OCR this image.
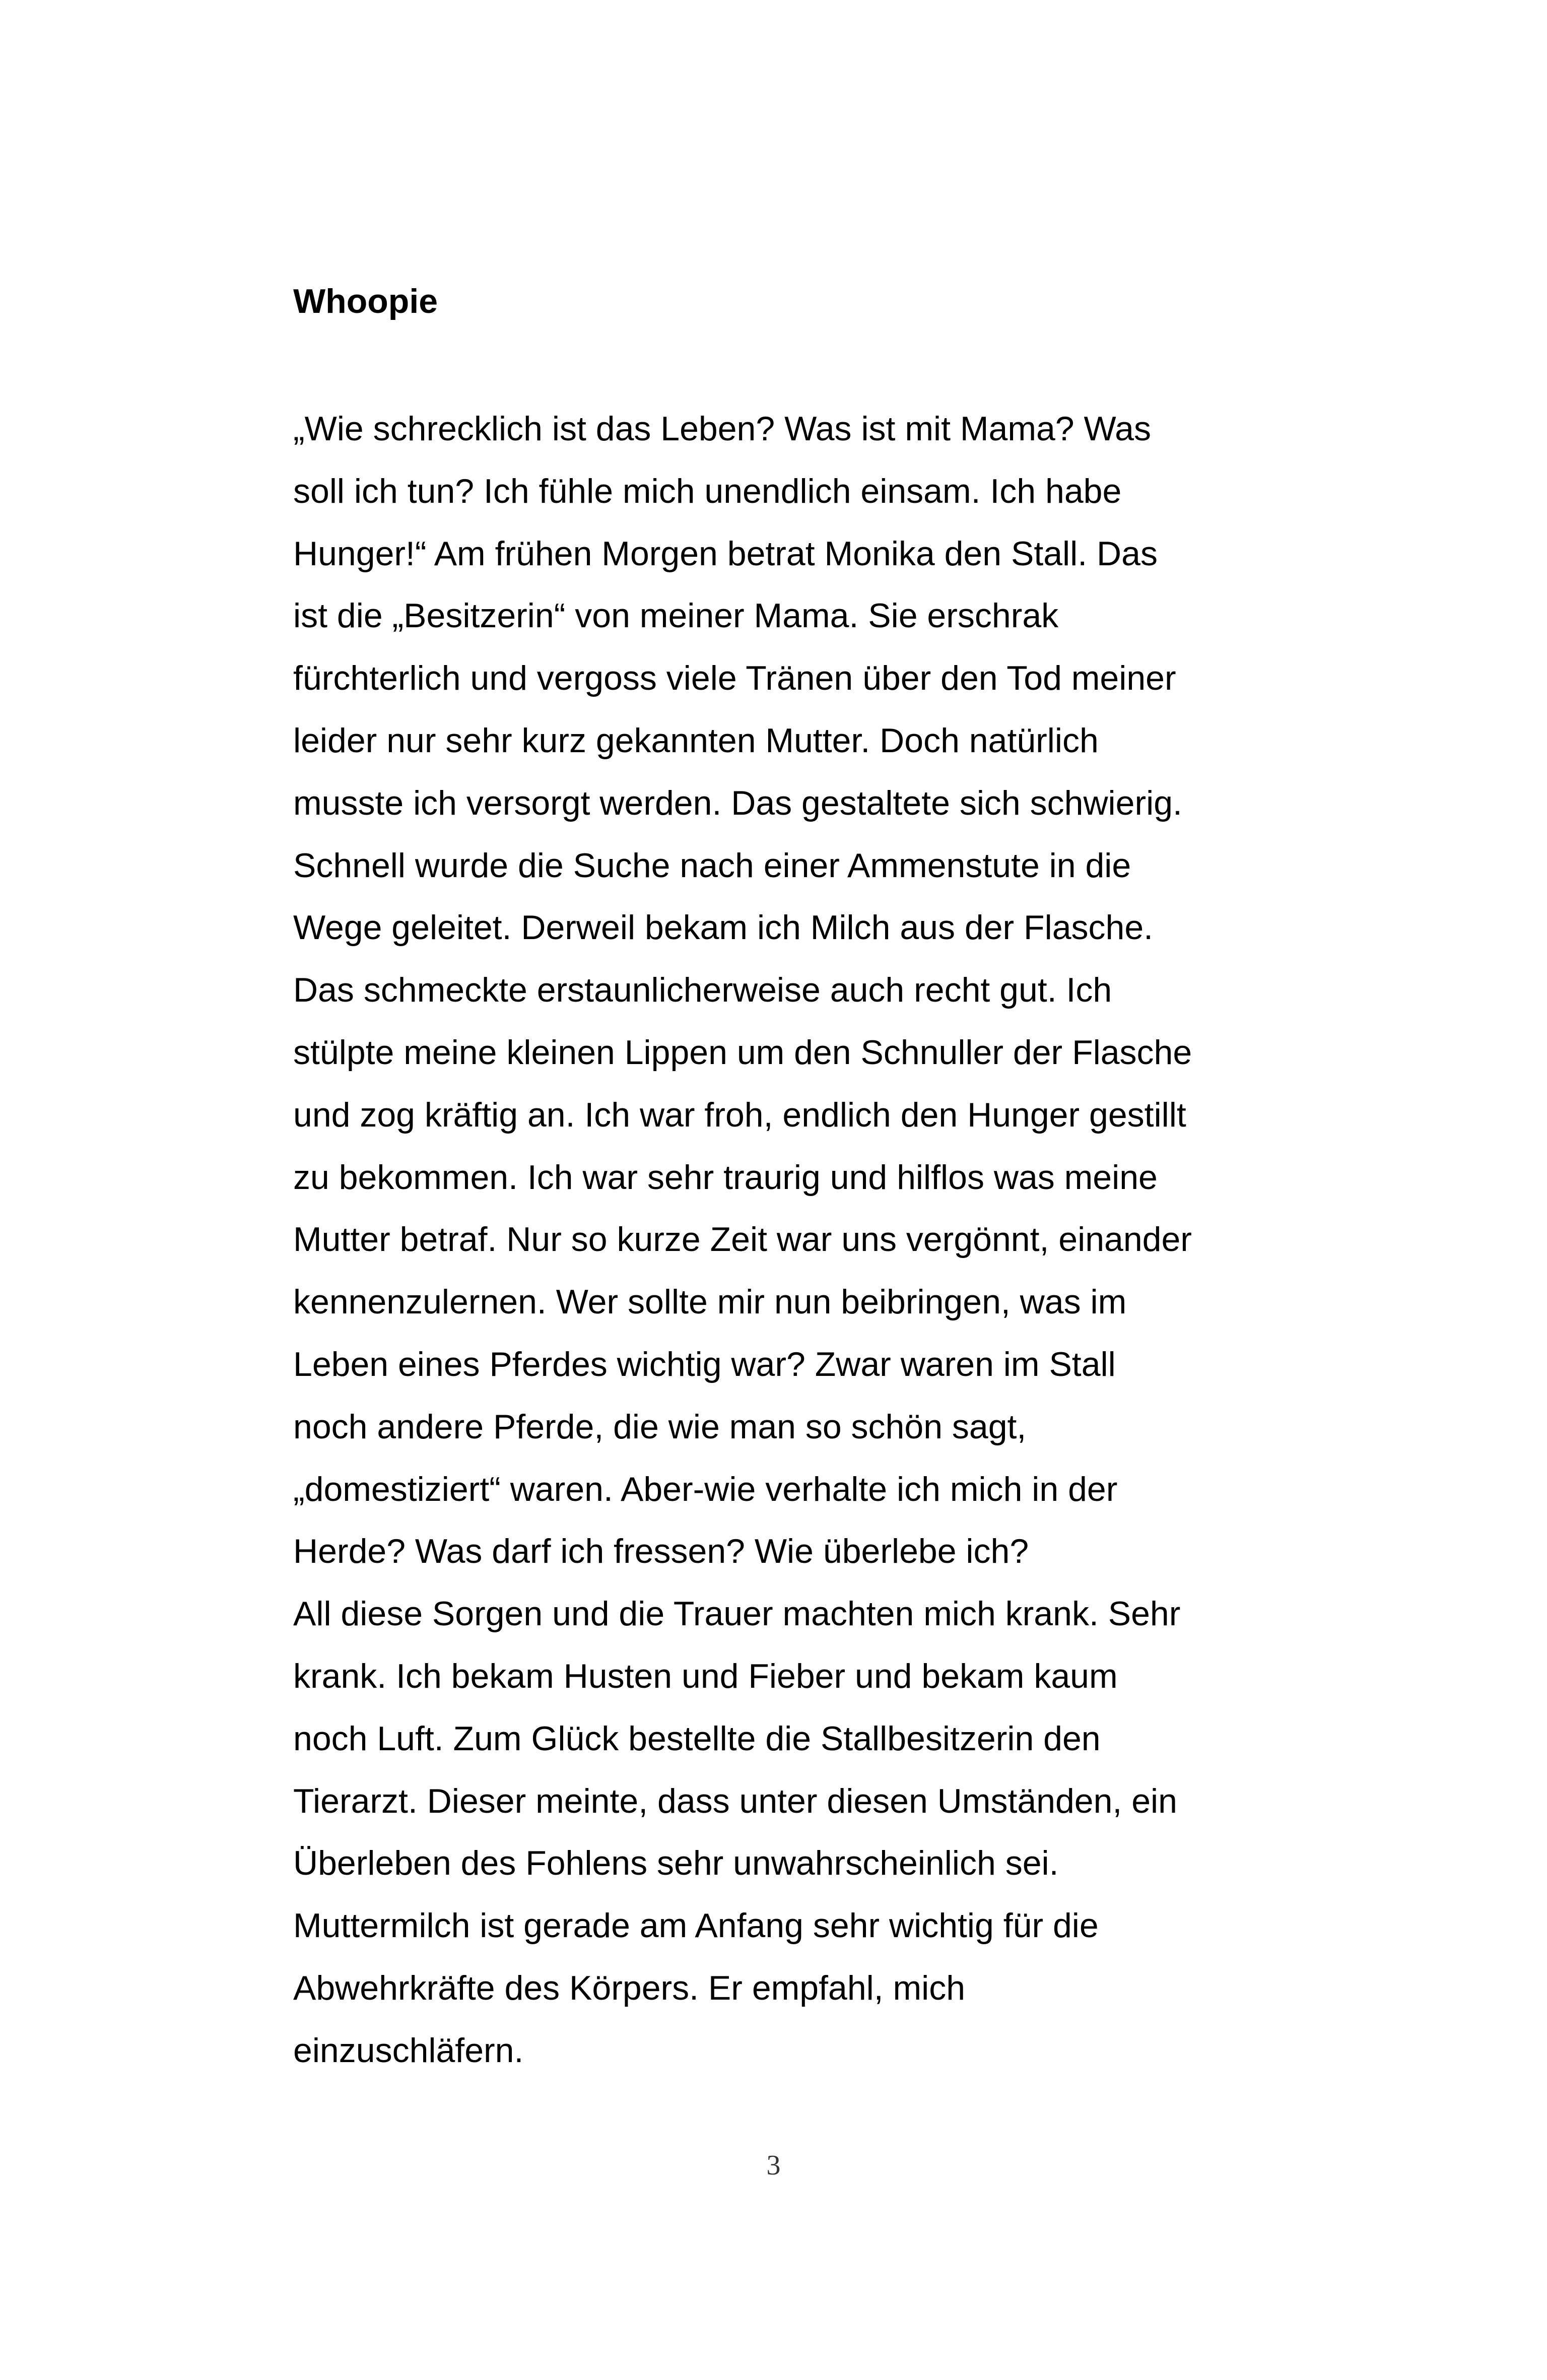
Whoopie
„Wie schrecklich ist das Leben? Was ist mit Mama? Was
soll ich tun? Ich fühle mich unendlich einsam. Ich habe
Hunger!“ Am frühen Morgen betrat Monika den Stall. Das
ist die „Besitzerin“ von meiner Mama. Sie erschrak
fürchterlich und vergoss viele Tränen über den Tod meiner
leider nur sehr kurz gekannten Mutter. Doch natürlich
musste ich versorgt werden. Das gestaltete sich schwierig.
Schnell wurde die Suche nach einer Ammenstute in die
Wege geleitet. Derweil bekam ich Milch aus der Flasche.
Das schmeckte erstaunlicherweise auch recht gut. Ich
stülpte meine kleinen Lippen um den Schnuller der Flasche
und zog kräftig an. Ich war froh, endlich den Hunger gestillt
zu bekommen. Ich war sehr traurig und hilflos was meine
Mutter betraf. Nur so kurze Zeit war uns vergönnt, einander
kennenzulernen. Wer sollte mir nun beibringen, was im
Leben eines Pferdes wichtig war? Zwar waren im Stall
noch andere Pferde, die wie man so schön sagt,
„domestiziert“ waren. Aber-wie verhalte ich mich in der
Herde? Was darf ich fressen? Wie überlebe ich?
All diese Sorgen und die Trauer machten mich krank. Sehr
krank. Ich bekam Husten und Fieber und bekam kaum
noch Luft. Zum Glück bestellte die Stallbesitzerin den
Tierarzt. Dieser meinte, dass unter diesen Umständen, ein
Überleben des Fohlens sehr unwahrscheinlich sei.
Muttermilch ist gerade am Anfang sehr wichtig für die
Abwehrkräfte des Körpers. Er empfahl, mich
einzuschläfern.
3
